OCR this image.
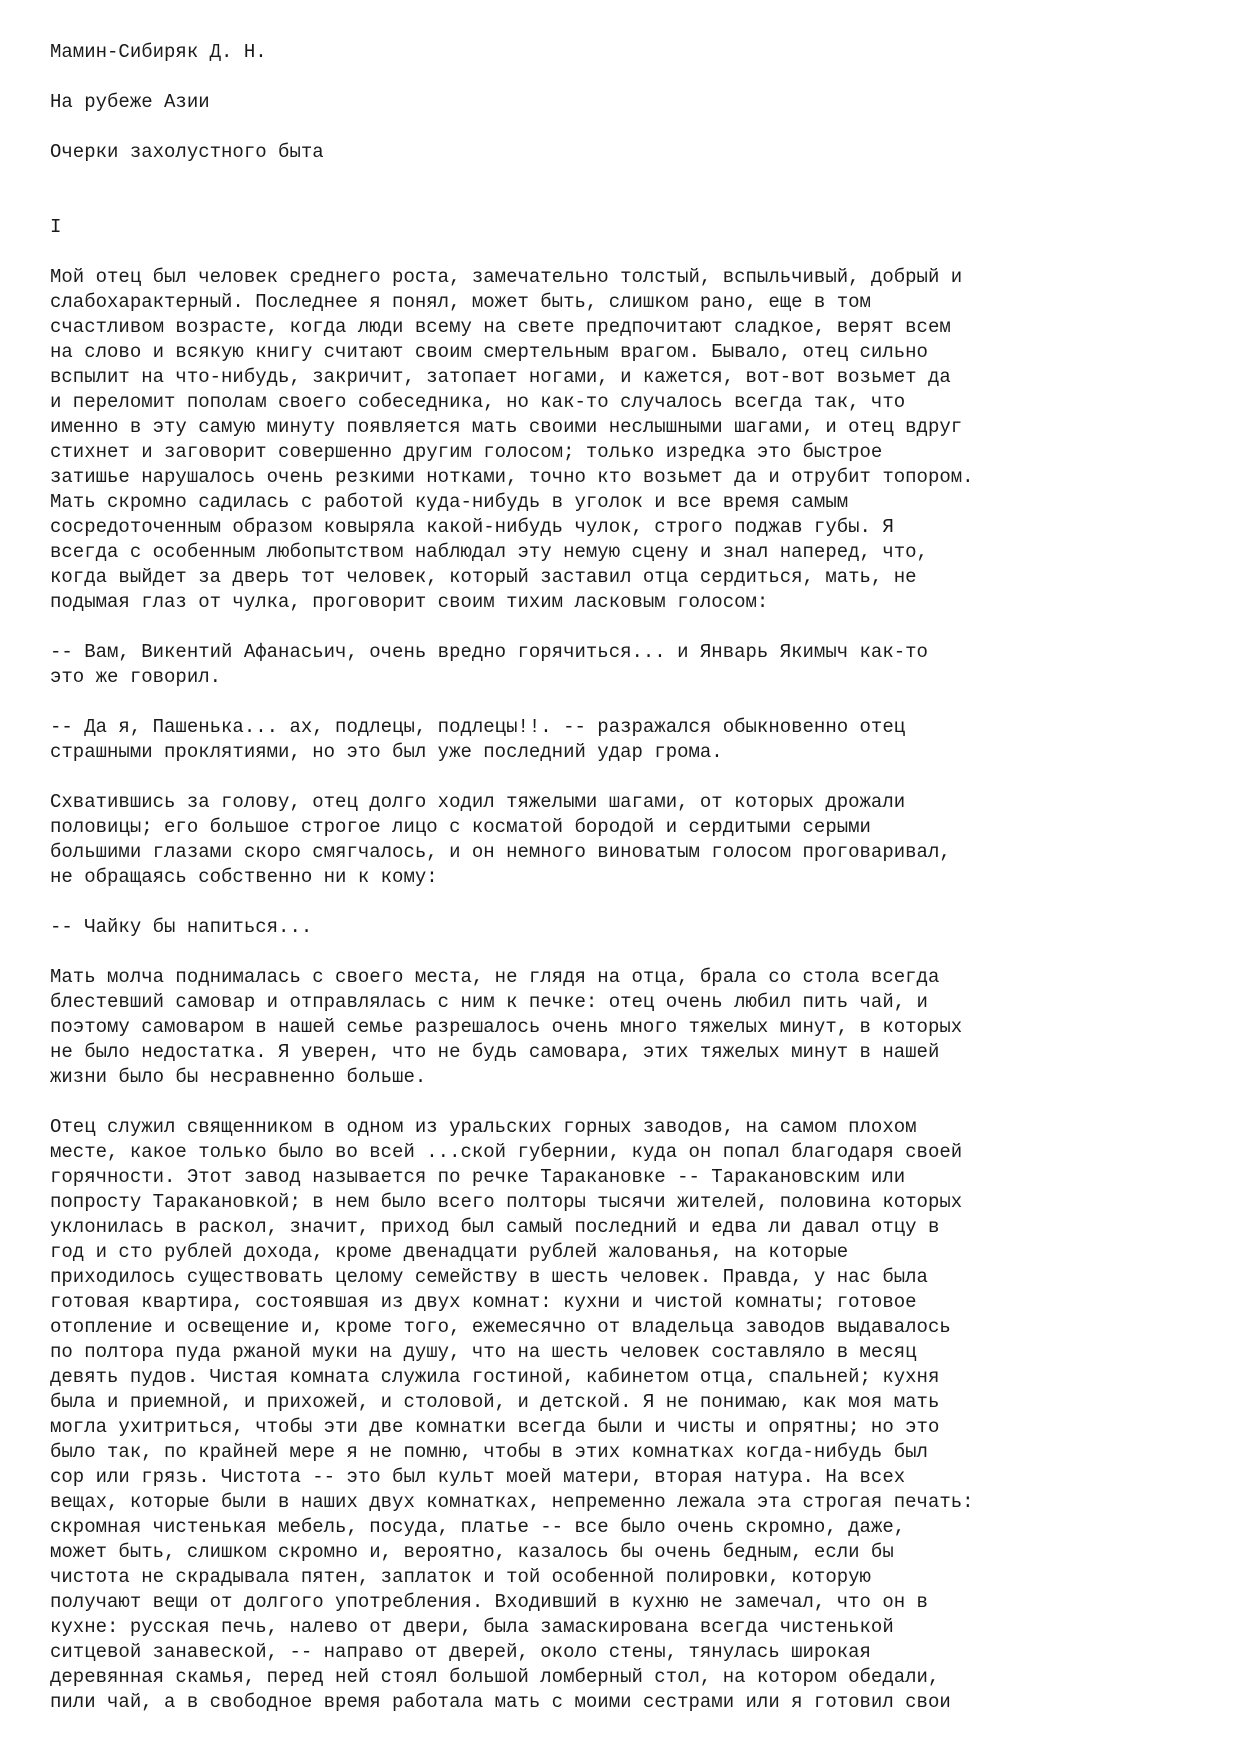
Мамин-Сибиряк Д. Н.
На рубеже Азии
Очерки захолустного быта
I
Мой отец был человек среднего роста, замечательно толстый, вспыльчивый, добрый и
слабохарактерный. Последнее я понял, может быть, слишком рано, еще в том
счастливом возрасте, когда люди всему на свете предпочитают сладкое, верят всем
на слово и всякую книгу считают своим смертельным врагом. Бывало, отец сильно
вспылит на что-нибудь, закричит, затопает ногами, и кажется, вот-вот возьмет да
и переломит пополам своего собеседника, но как-то случалось всегда так, что
именно в эту самую минуту появляется мать своими неслышными шагами, и отец вдруг
стихнет и заговорит совершенно другим голосом; только изредка это быстрое
затишье нарушалось очень резкими нотками, точно кто возьмет да и отрубит топором.
Мать скромно садилась с работой куда-нибудь в уголок и все время самым
сосредоточенным образом ковыряла какой-нибудь чулок, строго поджав губы. Я
всегда с особенным любопытством наблюдал эту немую сцену и знал наперед, что,
когда выйдет за дверь тот человек, который заставил отца сердиться, мать, не
подымая глаз от чулка, проговорит своим тихим ласковым голосом:
-- Вам, Викентий Афанасьич, очень вредно горячиться... и Январь Якимыч как-то
это же говорил.
-- Да я, Пашенька... ах, подлецы, подлецы!!. -- разражался обыкновенно отец
страшными проклятиями, но это был уже последний удар грома.
Схватившись за голову, отец долго ходил тяжелыми шагами, от которых дрожали
половицы; его большое строгое лицо с косматой бородой и сердитыми серыми
большими глазами скоро смягчалось, и он немного виноватым голосом проговаривал,
не обращаясь собственно ни к кому:
-- Чайку бы напиться...
Мать молча поднималась с своего места, не глядя на отца, брала со стола всегда
блестевший самовар и отправлялась с ним к печке: отец очень любил пить чай, и
поэтому самоваром в нашей семье разрешалось очень много тяжелых минут, в которых
не было недостатка. Я уверен, что не будь самовара, этих тяжелых минут в нашей
жизни было бы несравненно больше.
Отец служил священником в одном из уральских горных заводов, на самом плохом
месте, какое только было во всей ...ской губернии, куда он попал благодаря своей
горячности. Этот завод называется по речке Таракановке -- Таракановским или
попросту Таракановкой; в нем было всего полторы тысячи жителей, половина которых
уклонилась в раскол, значит, приход был самый последний и едва ли давал отцу в
год и сто рублей дохода, кроме двенадцати рублей жалованья, на которые
приходилось существовать целому семейству в шесть человек. Правда, у нас была
готовая квартира, состоявшая из двух комнат: кухни и чистой комнаты; готовое
отопление и освещение и, кроме того, ежемесячно от владельца заводов выдавалось
по полтора пуда ржаной муки на душу, что на шесть человек составляло в месяц
девять пудов. Чистая комната служила гостиной, кабинетом отца, спальней; кухня
была и приемной, и прихожей, и столовой, и детской. Я не понимаю, как моя мать
могла ухитриться, чтобы эти две комнатки всегда были и чисты и опрятны; но это
было так, по крайней мере я не помню, чтобы в этих комнатках когда-нибудь был
сор или грязь. Чистота -- это был культ моей матери, вторая натура. На всех
вещах, которые были в наших двух комнатках, непременно лежала эта строгая печать:
скромная чистенькая мебель, посуда, платье -- все было очень скромно, даже,
может быть, слишком скромно и, вероятно, казалось бы очень бедным, если бы
чистота не скрадывала пятен, заплаток и той особенной полировки, которую
получают вещи от долгого употребления. Входивший в кухню не замечал, что он в
кухне: русская печь, налево от двери, была замаскирована всегда чистенькой
ситцевой занавеской, -- направо от дверей, около стены, тянулась широкая
деревянная скамья, перед ней стоял большой ломберный стол, на котором обедали,
пили чай, а в свободное время работала мать с моими сестрами или я готовил свои
